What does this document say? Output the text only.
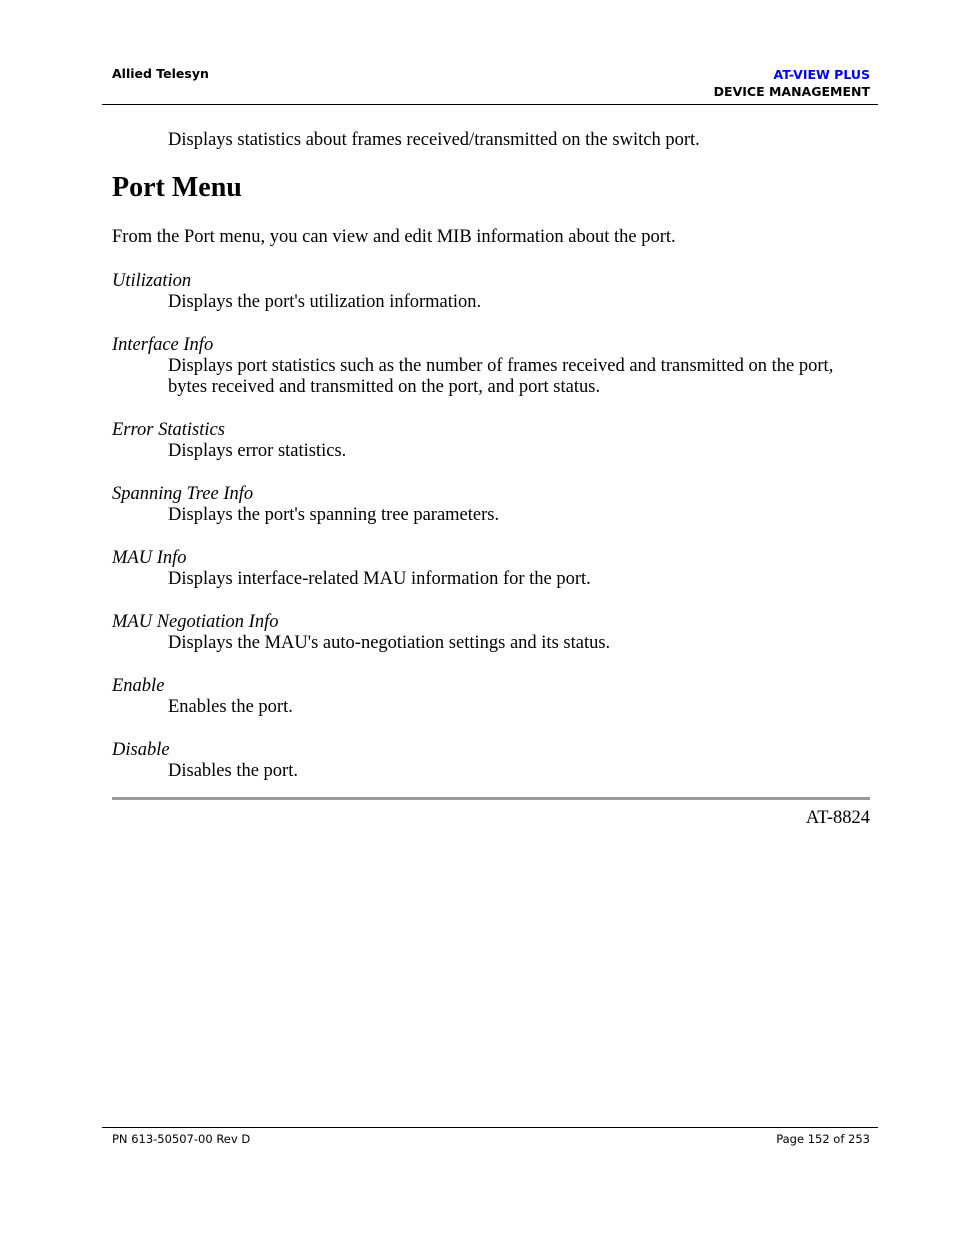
Allied Telesyn	AT-VIEW PLUS
DEVICE MANAGEMENT
Displays statistics about frames received/transmitted on the switch port.
Port Menu
From the Port menu, you can view and edit MIB information about the port.
Utilization
Displays the port's utilization information.
Interface Info
Displays port statistics such as the number of frames received and transmitted on the port, bytes received and transmitted on the port, and port status.
Error Statistics
Displays error statistics.
Spanning Tree Info
Displays the port's spanning tree parameters.
MAU Info
Displays interface-related MAU information for the port.
MAU Negotiation Info
Displays the MAU's auto-negotiation settings and its status.
Enable
Enables the port.
Disable
Disables the port.
AT-8824
PN 613-50507-00 Rev D	Page 152 of 253
